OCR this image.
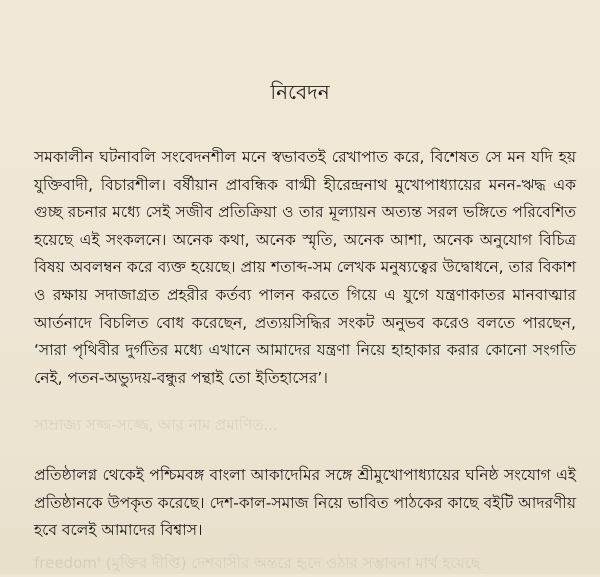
নিবেদন

সমকালীন ঘটনাবলি সংবেদনশীল মনে স্বভাবতই রেখাপাত করে, বিশেষত সে মন যদি হয় যুক্তিবাদী, বিচারশীল। বর্ষীয়ান প্রাবন্ধিক বাগ্মী হীরেন্দ্রনাথ মুখোপাধ্যায়ের মনন-ঋদ্ধ এক গুচ্ছ রচনার মধ্যে সেই সজীব প্রতিক্রিয়া ও তার মূল্যায়ন অত্যন্ত সরল ভঙ্গিতে পরিবেশিত হয়েছে এই সংকলনে। অনেক কথা, অনেক স্মৃতি, অনেক আশা, অনেক অনুযোগ বিচিত্র বিষয় অবলম্বন করে ব্যক্ত হয়েছে। প্রায় শতাব্দ-সম লেখক মনুষ্যত্বের উদ্বোধনে, তার বিকাশ ও রক্ষায় সদাজাগ্রত প্রহরীর কর্তব্য পালন করতে গিয়ে এ যুগে যন্ত্রণাকাতর মানবাত্মার আর্তনাদে বিচলিত বোধ করেছেন, প্রত্যয়সিদ্ধির সংকট অনুভব করেও বলতে পারছেন, ‘সারা পৃথিবীর দুর্গতির মধ্যে এখানে আমাদের যন্ত্রণা নিয়ে হাহাকার করার কোনো সংগতি নেই, পতন-অভ্যুদয়-বন্ধুর পন্থাই তো ইতিহাসের’।

সাম্রাজ্য সজ্জ-সজ্জে, আর নাম প্রমাণিত...

প্রতিষ্ঠালগ্ন থেকেই পশ্চিমবঙ্গ বাংলা আকাদেমির সঙ্গে শ্রীমুখোপাধ্যায়ের ঘনিষ্ঠ সংযোগ এই প্রতিষ্ঠানকে উপকৃত করেছে। দেশ-কাল-সমাজ নিয়ে ভাবিত পাঠকের কাছে বইটি আদরণীয় হবে বলেই আমাদের বিশ্বাস।

freedom' (মুক্তির দীপ্তি) দেশবাসীর অন্তরে হৃদে ওঠার সম্ভাবনা মার্থ হয়েছে
